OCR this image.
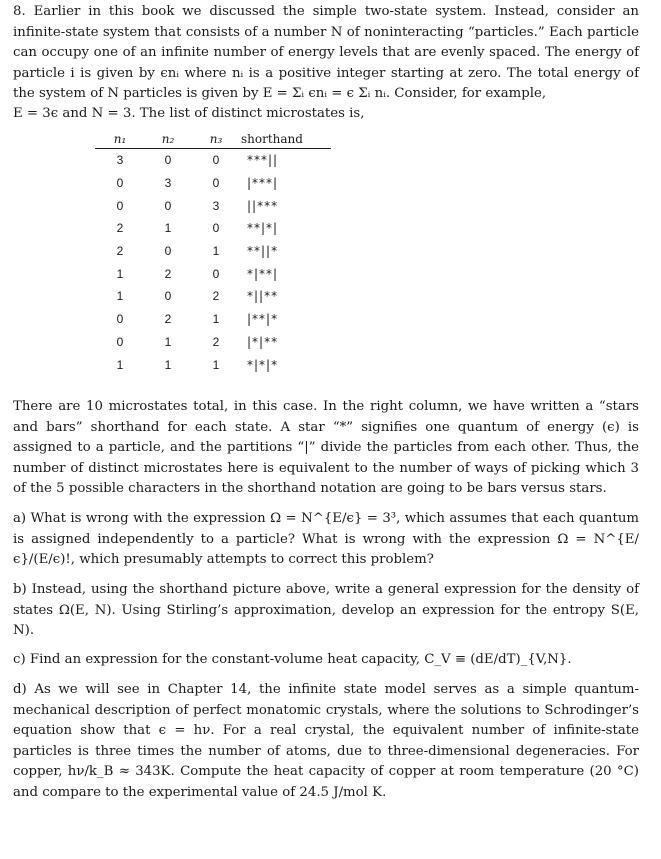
8. Earlier in this book we discussed the simple two-state system. Instead, consider an infinite-state system that consists of a number N of noninteracting “particles.” Each particle can occupy one of an infinite number of energy levels that are evenly spaced. The energy of particle i is given by ϵnᵢ where nᵢ is a positive integer starting at zero. The total energy of the system of N particles is given by E = Σᵢ ϵnᵢ = ϵ Σᵢ nᵢ. Consider, for example,

E = 3ϵ and N = 3. The list of distinct microstates is,

n₁	n₂	n₃	shorthand
3	0	0	***||
0	3	0	|***|
0	0	3	||***
2	1	0	**|*|
2	0	1	**||*
1	2	0	*|**|
1	0	2	*||**
0	2	1	|**|*
0	1	2	|*|**
1	1	1	*|*|*

There are 10 microstates total, in this case. In the right column, we have written a “stars and bars” shorthand for each state. A star “*” signifies one quantum of energy (ϵ) is assigned to a particle, and the partitions “|” divide the particles from each other. Thus, the number of distinct microstates here is equivalent to the number of ways of picking which 3 of the 5 possible characters in the shorthand notation are going to be bars versus stars.

a) What is wrong with the expression Ω = N^{E/ϵ} = 3³, which assumes that each quantum is assigned independently to a particle? What is wrong with the expression Ω = N^{E/ϵ}/(E/ϵ)!, which presumably attempts to correct this problem?

b) Instead, using the shorthand picture above, write a general expression for the density of states Ω(E, N). Using Stirling’s approximation, develop an expression for the entropy S(E, N).

c) Find an expression for the constant-volume heat capacity, C_V ≡ (dE/dT)_{V,N}.

d) As we will see in Chapter 14, the infinite state model serves as a simple quantum-mechanical description of perfect monatomic crystals, where the solutions to Schrodinger’s equation show that ϵ = hν. For a real crystal, the equivalent number of infinite-state particles is three times the number of atoms, due to three-dimensional degeneracies. For copper, hν/k_B ≈ 343K. Compute the heat capacity of copper at room temperature (20 °C) and compare to the experimental value of 24.5 J/mol K.
